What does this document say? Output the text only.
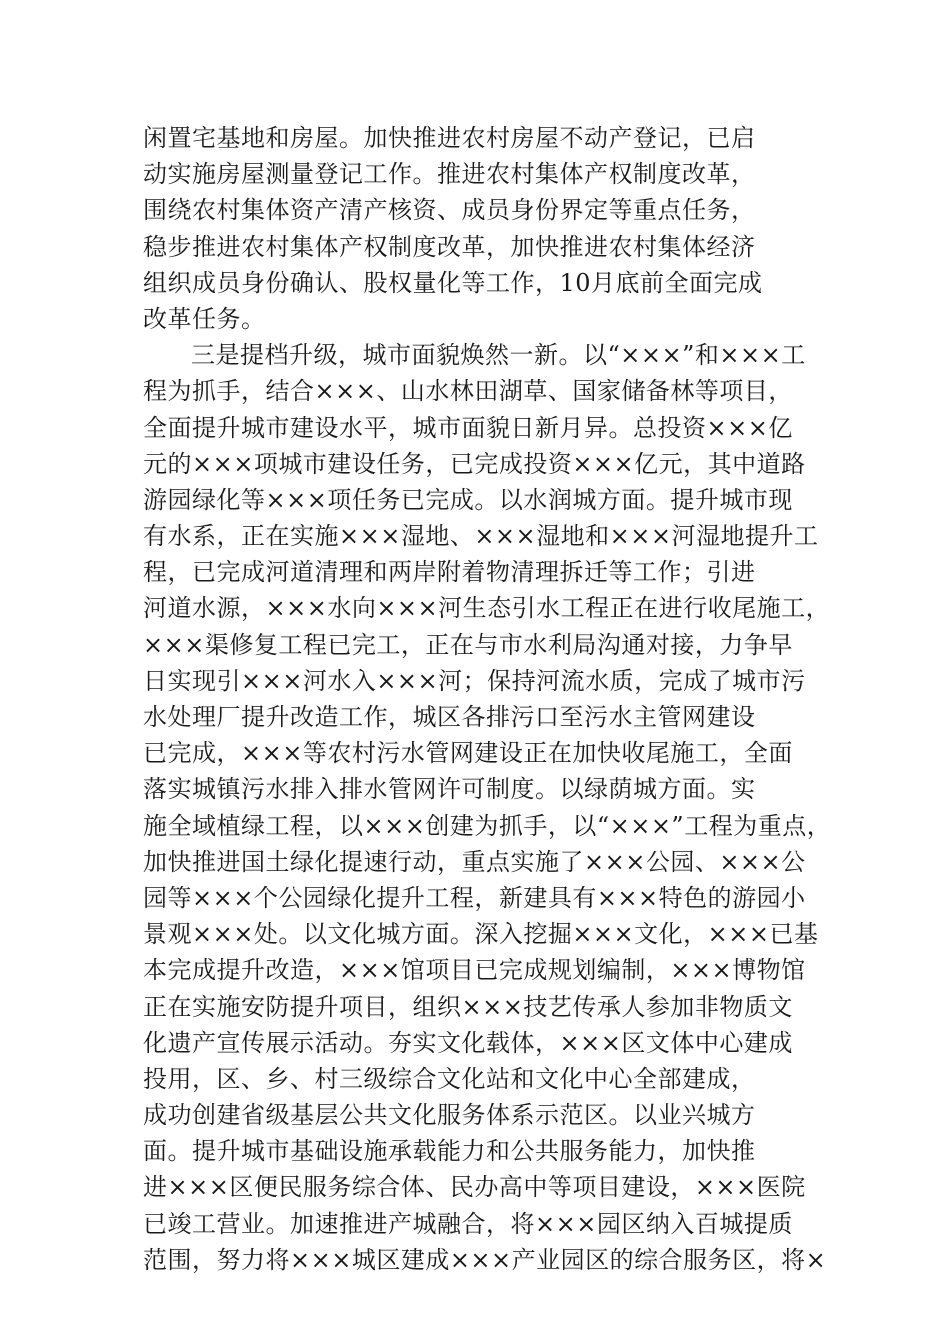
闲置宅基地和房屋。加快推进农村房屋不动产登记，已启
动实施房屋测量登记工作。推进农村集体产权制度改革，
围绕农村集体资产清产核资、成员身份界定等重点任务，
稳步推进农村集体产权制度改革，加快推进农村集体经济
组织成员身份确认、股权量化等工作，10月底前全面完成
改革任务。
三是提档升级，城市面貌焕然一新。以“×××”和×××工
程为抓手，结合×××、山水林田湖草、国家储备林等项目，
全面提升城市建设水平，城市面貌日新月异。总投资×××亿
元的×××项城市建设任务，已完成投资×××亿元，其中道路
游园绿化等×××项任务已完成。以水润城方面。提升城市现
有水系，正在实施×××湿地、×××湿地和×××河湿地提升工
程，已完成河道清理和两岸附着物清理拆迁等工作；引进
河道水源，×××水向×××河生态引水工程正在进行收尾施工，
×××渠修复工程已完工，正在与市水利局沟通对接，力争早
日实现引×××河水入×××河；保持河流水质，完成了城市污
水处理厂提升改造工作，城区各排污口至污水主管网建设
已完成，×××等农村污水管网建设正在加快收尾施工，全面
落实城镇污水排入排水管网许可制度。以绿荫城方面。实
施全域植绿工程，以×××创建为抓手，以“×××”工程为重点，
加快推进国土绿化提速行动，重点实施了×××公园、×××公
园等×××个公园绿化提升工程，新建具有×××特色的游园小
景观×××处。以文化城方面。深入挖掘×××文化，×××已基
本完成提升改造，×××馆项目已完成规划编制，×××博物馆
正在实施安防提升项目，组织×××技艺传承人参加非物质文
化遗产宣传展示活动。夯实文化载体，×××区文体中心建成
投用，区、乡、村三级综合文化站和文化中心全部建成，
成功创建省级基层公共文化服务体系示范区。以业兴城方
面。提升城市基础设施承载能力和公共服务能力，加快推
进×××区便民服务综合体、民办高中等项目建设，×××医院
已竣工营业。加速推进产城融合，将×××园区纳入百城提质
范围，努力将×××城区建成×××产业园区的综合服务区，将×
